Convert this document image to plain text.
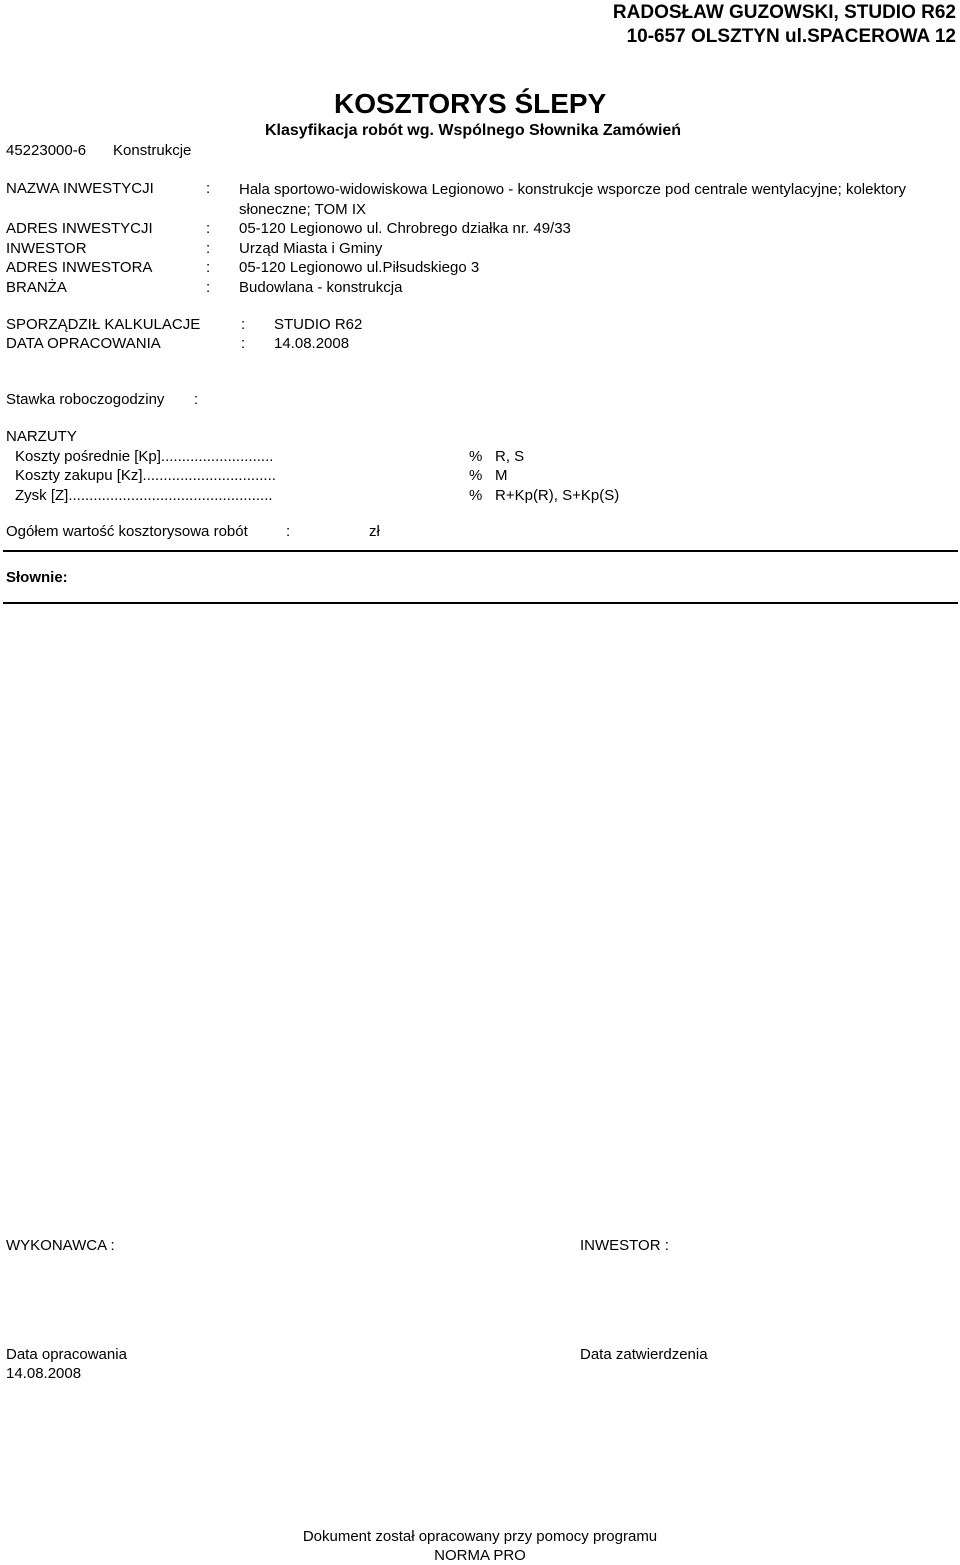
RADOSŁAW GUZOWSKI, STUDIO R62
10-657 OLSZTYN ul.SPACEROWA 12
KOSZTORYS ŚLEPY
Klasyfikacja robót wg. Wspólnego Słownika Zamówień
45223000-6 Konstrukcje
NAZWA INWESTYCJI	: Hala sportowo-widowiskowa Legionowo - konstrukcje wsporcze pod centrale wentylacyjne; kolektory słoneczne; TOM IX
ADRES INWESTYCJI	: 05-120 Legionowo ul. Chrobrego działka nr. 49/33
INWESTOR	: Urząd Miasta i Gminy
ADRES INWESTORA	: 05-120 Legionowo ul.Piłsudskiego 3
BRANŻA	: Budowlana - konstrukcja
SPORZĄDZIŁ KALKULACJE	: STUDIO R62
DATA OPRACOWANIA	: 14.08.2008
Stawka roboczogodziny :
NARZUTY
Koszty pośrednie [Kp]...........................	% R, S
Koszty zakupu [Kz]................................	% M
Zysk [Z].................................................	% R+Kp(R), S+Kp(S)
Ogółem wartość kosztorysowa robót	:	zł
Słownie:
WYKONAWCA :	INWESTOR :
Data opracowania
14.08.2008
Data zatwierdzenia
Dokument został opracowany przy pomocy programu
NORMA PRO
